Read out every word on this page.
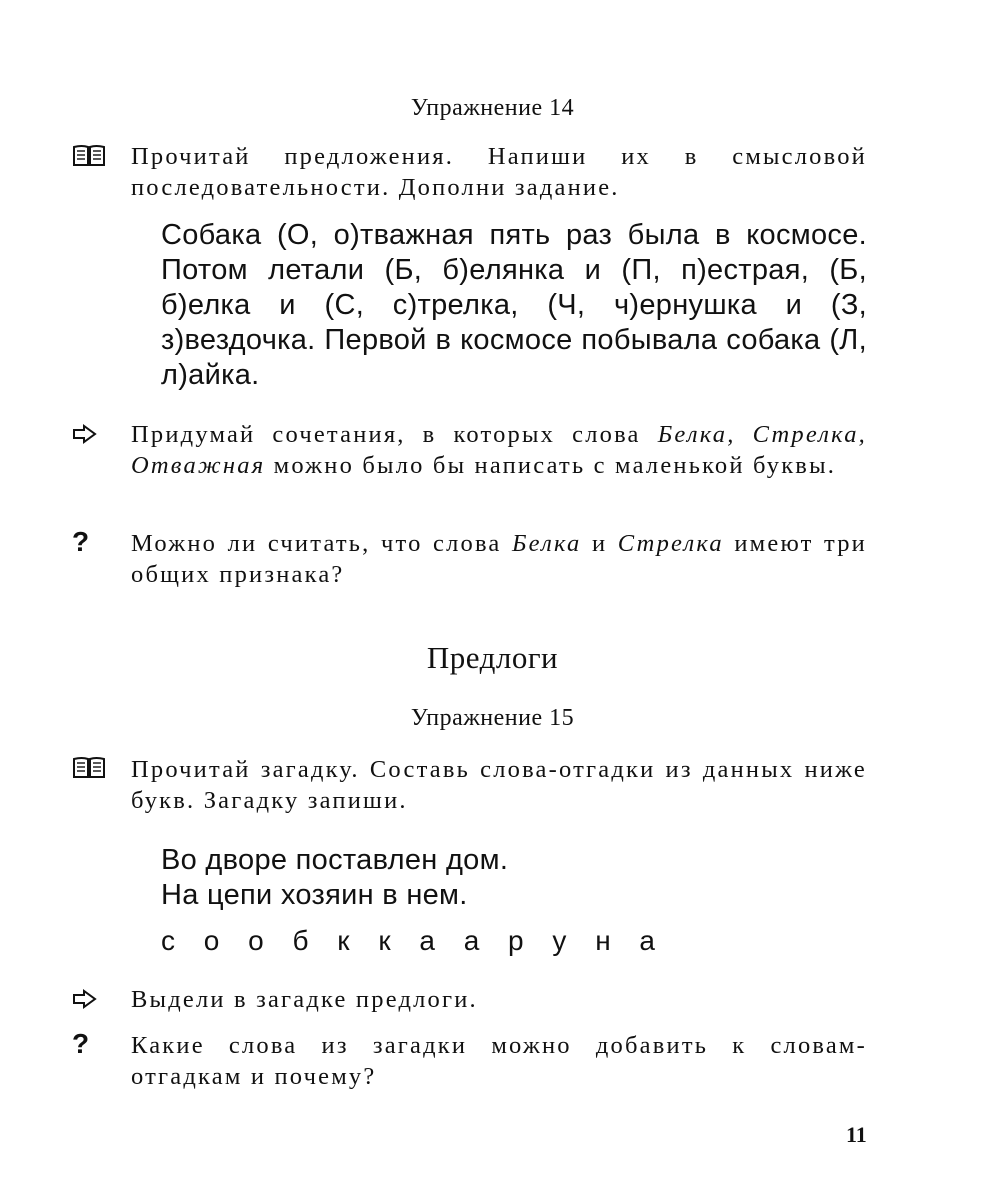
Упражнение 14
Прочитай предложения. Напиши их в смысловой последовательности. Дополни задание.
Собака (О, о)тважная пять раз была в космосе. Потом летали (Б, б)елянка и (П, п)естрая, (Б, б)елка и (С, с)трелка, (Ч, ч)ернушка и (З, з)вездочка. Первой в космосе побывала собака (Л, л)айка.
Придумай сочетания, в которых слова Белка, Стрелка, Отважная можно было бы написать с маленькой буквы.
? Можно ли считать, что слова Белка и Стрелка имеют три общих признака?
Предлоги
Упражнение 15
Прочитай загадку. Составь слова-отгадки из данных ниже букв. Загадку запиши.
Во дворе поставлен дом.
На цепи хозяин в нем.
с о о б к к а а р у н а
Выдели в загадке предлоги.
? Какие слова из загадки можно добавить к словам-отгадкам и почему?
11
